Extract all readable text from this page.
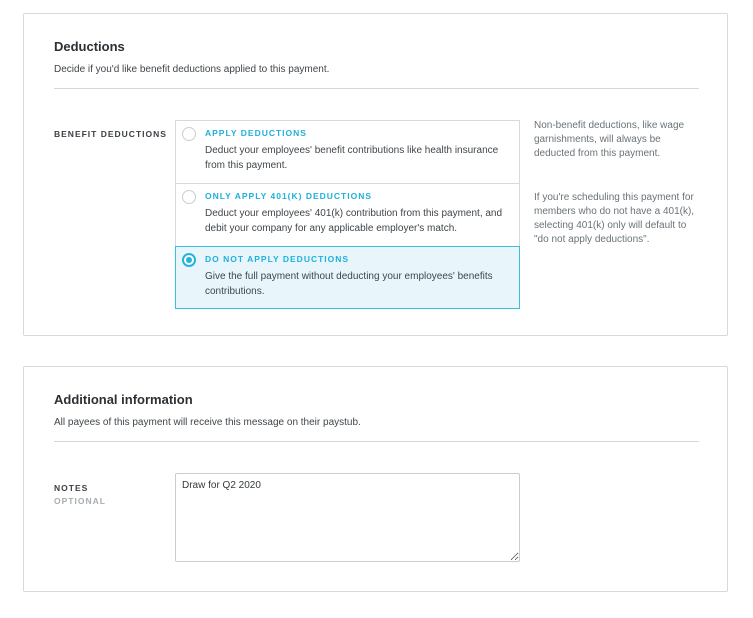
Deductions
Decide if you'd like benefit deductions applied to this payment.
BENEFIT DEDUCTIONS	APPLY DEDUCTIONS
Deduct your employees' benefit contributions like health insurance from this payment.
ONLY APPLY 401(K) DEDUCTIONS
Deduct your employees' 401(k) contribution from this payment, and debit your company for any applicable employer's match.
DO NOT APPLY DEDUCTIONS
Give the full payment without deducting your employees' benefits contributions.
Non-benefit deductions, like wage garnishments, will always be deducted from this payment.
If you're scheduling this payment for members who do not have a 401(k), selecting 401(k) only will default to "do not apply deductions".
Additional information
All payees of this payment will receive this message on their paystub.
NOTES
OPTIONAL
Draw for Q2 2020
